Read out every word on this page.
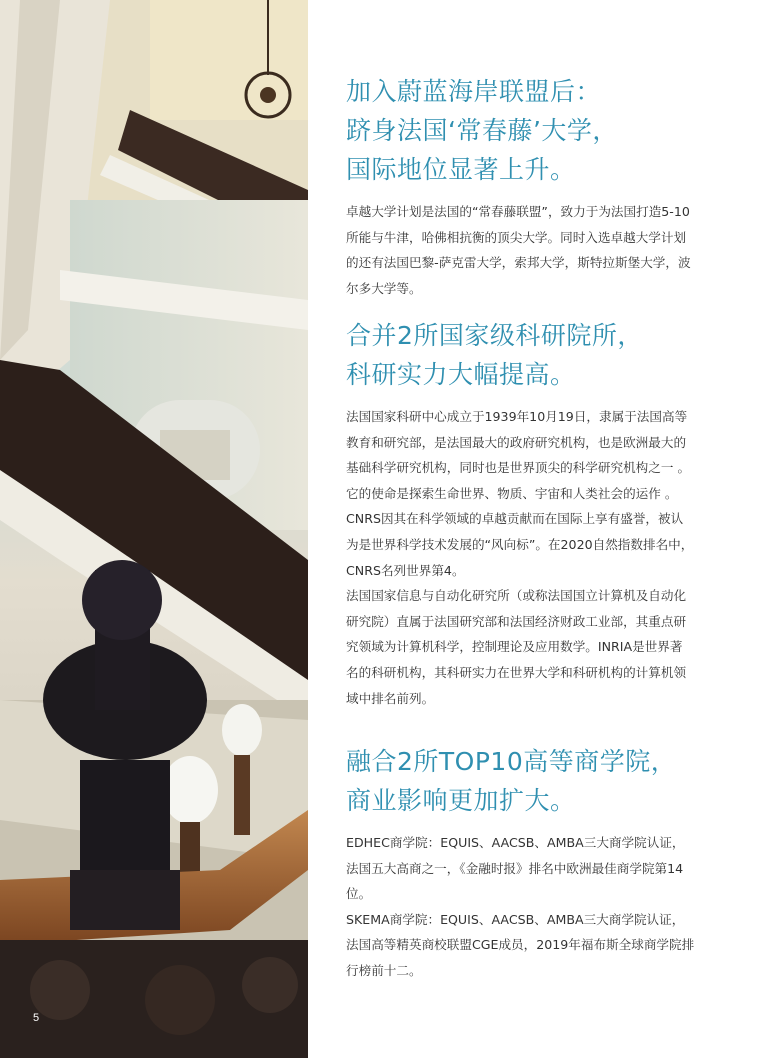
5
加入蔚蓝海岸联盟后：
跻身法国‘常春藤’大学，
国际地位显著上升。

卓越大学计划是法国的“常春藤联盟”，致力于为法国打造5-10
所能与牛津，哈佛相抗衡的顶尖大学。同时入选卓越大学计划
的还有法国巴黎-萨克雷大学，索邦大学，斯特拉斯堡大学，波
尔多大学等。

合并2所国家级科研院所，
科研实力大幅提高。

法国国家科研中心成立于1939年10月19日，隶属于法国高等
教育和研究部，是法国最大的政府研究机构，也是欧洲最大的
基础科学研究机构，同时也是世界顶尖的科学研究机构之一 。
它的使命是探索生命世界、物质、宇宙和人类社会的运作 。
CNRS因其在科学领域的卓越贡献而在国际上享有盛誉，被认
为是世界科学技术发展的“风向标”。在2020自然指数排名中，
CNRS名列世界第4。

法国国家信息与自动化研究所（或称法国国立计算机及自动化
研究院）直属于法国研究部和法国经济财政工业部，其重点研
究领域为计算机科学，控制理论及应用数学。INRIA是世界著
名的科研机构，其科研实力在世界大学和科研机构的计算机领
域中排名前列。

融合2所TOP10高等商学院，
商业影响更加扩大。

EDHEC商学院：EQUIS、AACSB、AMBA三大商学院认证，
法国五大高商之一，《金融时报》排名中欧洲最佳商学院第14
位。

SKEMA商学院：EQUIS、AACSB、AMBA三大商学院认证，
法国高等精英商校联盟CGE成员，2019年福布斯全球商学院排
行榜前十二。
